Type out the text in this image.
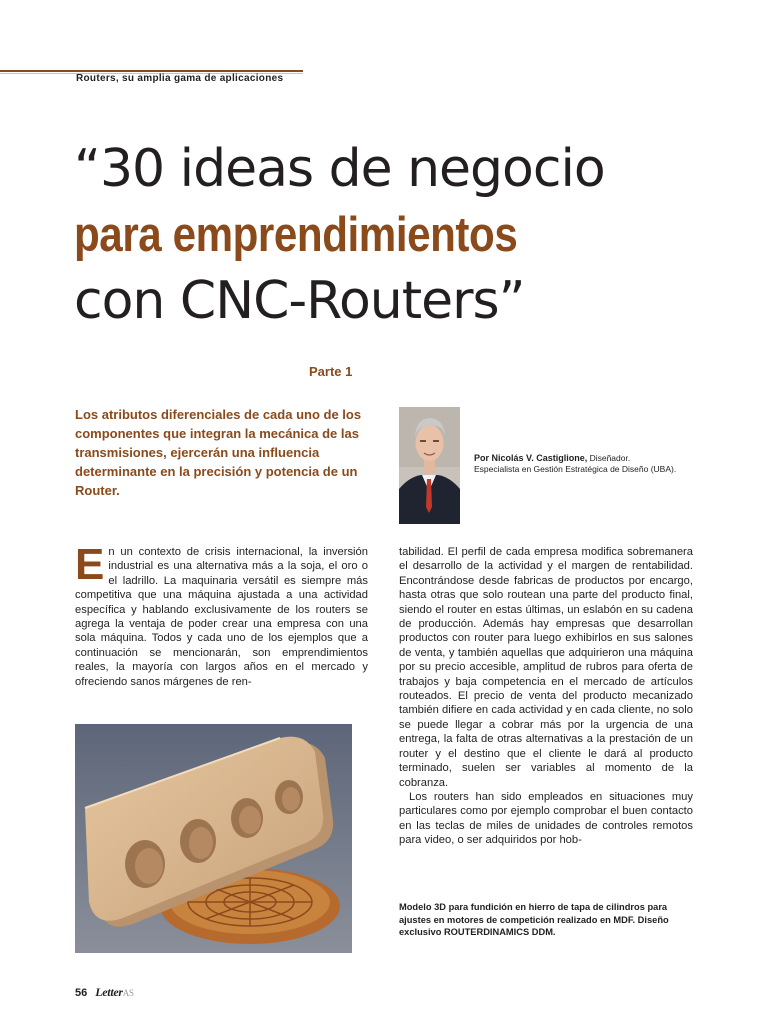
Routers, su amplia gama de aplicaciones
“30 ideas de negocio
para emprendimientos
con CNC-Routers”
Parte 1
Los atributos diferenciales de cada uno de los componentes que integran la mecánica de las transmisiones, ejercerán una influencia determinante en la precisión y potencia de un Router.
Por Nicolás V. Castiglione, Diseñador.
Especialista en Gestión Estratégica de Diseño (UBA).
E n un contexto de crisis internacional, la inversión industrial es una alternativa más a la soja, el oro o el ladrillo. La maquinaria versátil es siempre más competitiva que una máquina ajustada a una actividad específica y hablando exclusivamente de los routers se agrega la ventaja de poder crear una empresa con una sola máquina. Todos y cada uno de los ejemplos que a continuación se mencionarán, son emprendimientos reales, la mayoría con largos años en el mercado y ofreciendo sanos márgenes de ren-

tabilidad. El perfil de cada empresa modifica sobremanera el desarrollo de la actividad y el margen de rentabilidad. Encontrándose desde fabricas de productos por encargo, hasta otras que solo routean una parte del producto final, siendo el router en estas últimas, un eslabón en su cadena de producción. Además hay empresas que desarrollan productos con router para luego exhibirlos en sus salones de venta, y también aquellas que adquirieron una máquina por su precio accesible, amplitud de rubros para oferta de trabajos y baja competencia en el mercado de artículos routeados. El precio de venta del producto mecanizado también difiere en cada actividad y en cada cliente, no solo se puede llegar a cobrar más por la urgencia de una entrega, la falta de otras alternativas a la prestación de un router y el destino que el cliente le dará al producto terminado, suelen ser variables al momento de la cobranza.

Los routers han sido empleados en situaciones muy particulares como por ejemplo comprobar el buen contacto en las teclas de miles de unidades de controles remotos para video, o ser adquiridos por hob-

Modelo 3D para fundición en hierro de tapa de cilindros para ajustes en motores de competición realizado en MDF. Diseño exclusivo ROUTERDINAMICS DDM.
56 LetterAS
